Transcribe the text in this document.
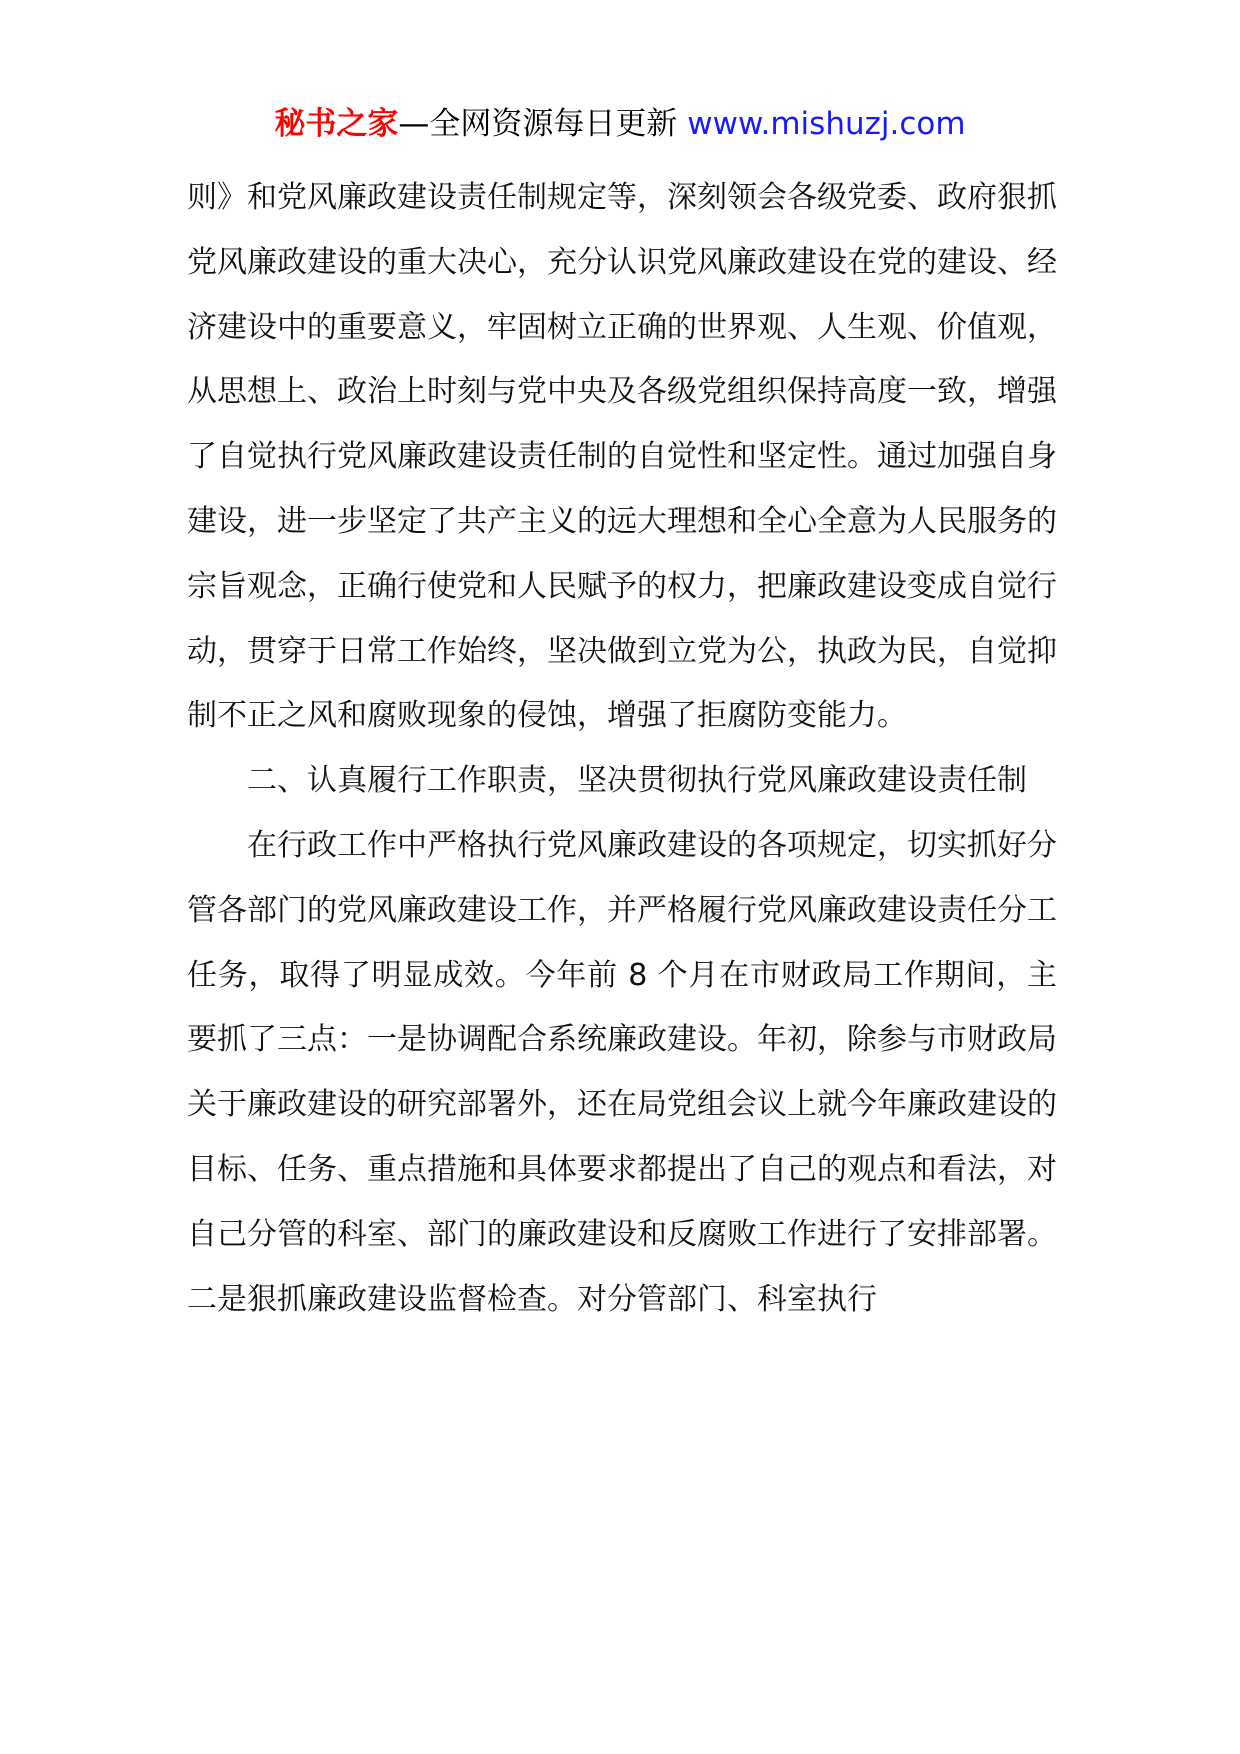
秘书之家—全网资源每日更新 www.mishuzj.com

则》和党风廉政建设责任制规定等，深刻领会各级党委、政府狠抓党风廉政建设的重大决心，充分认识党风廉政建设在党的建设、经济建设中的重要意义，牢固树立正确的世界观、人生观、价值观，从思想上、政治上时刻与党中央及各级党组织保持高度一致，增强了自觉执行党风廉政建设责任制的自觉性和坚定性。通过加强自身建设，进一步坚定了共产主义的远大理想和全心全意为人民服务的宗旨观念，正确行使党和人民赋予的权力，把廉政建设变成自觉行动，贯穿于日常工作始终，坚决做到立党为公，执政为民，自觉抑制不正之风和腐败现象的侵蚀，增强了拒腐防变能力。

二、认真履行工作职责，坚决贯彻执行党风廉政建设责任制

在行政工作中严格执行党风廉政建设的各项规定，切实抓好分管各部门的党风廉政建设工作，并严格履行党风廉政建设责任分工任务，取得了明显成效。今年前 8 个月在市财政局工作期间，主要抓了三点：一是协调配合系统廉政建设。年初，除参与市财政局关于廉政建设的研究部署外，还在局党组会议上就今年廉政建设的目标、任务、重点措施和具体要求都提出了自己的观点和看法，对自己分管的科室、部门的廉政建设和反腐败工作进行了安排部署。二是狠抓廉政建设监督检查。对分管部门、科室执行
